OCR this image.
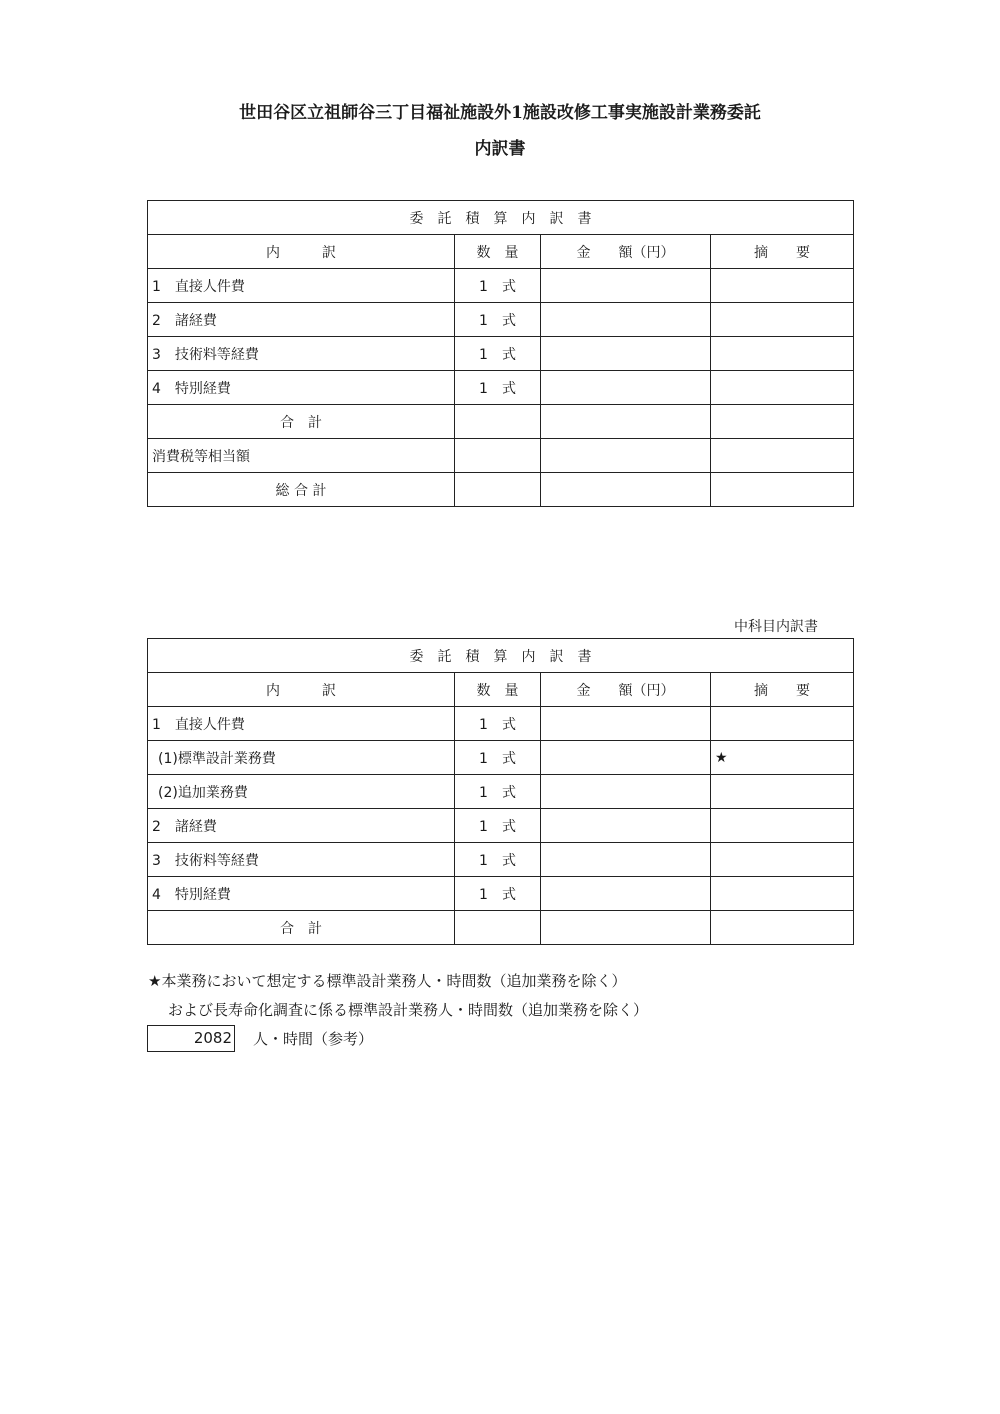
世田谷区立祖師谷三丁目福祉施設外1施設改修工事実施設計業務委託
内訳書
委　託　積　算　内　訳　書			
内　　　訳	数　量	金　　額（円）	摘　　要
1　直接人件費	1　式		
2　諸経費	1　式		
3　技術料等経費	1　式		
4　特別経費	1　式		
合　計			
消費税等相当額			
総 合 計			
中科目内訳書
委　託　積　算　内　訳　書			
内　　　訳	数　量	金　　額（円）	摘　　要
1　直接人件費	1　式		
(1)標準設計業務費	1　式		★
(2)追加業務費	1　式		
2　諸経費	1　式		
3　技術料等経費	1　式		
4　特別経費	1　式		
合　計			
★本業務において想定する標準設計業務人・時間数（追加業務を除く）
および長寿命化調査に係る標準設計業務人・時間数（追加業務を除く）
2082 人・時間（参考）
